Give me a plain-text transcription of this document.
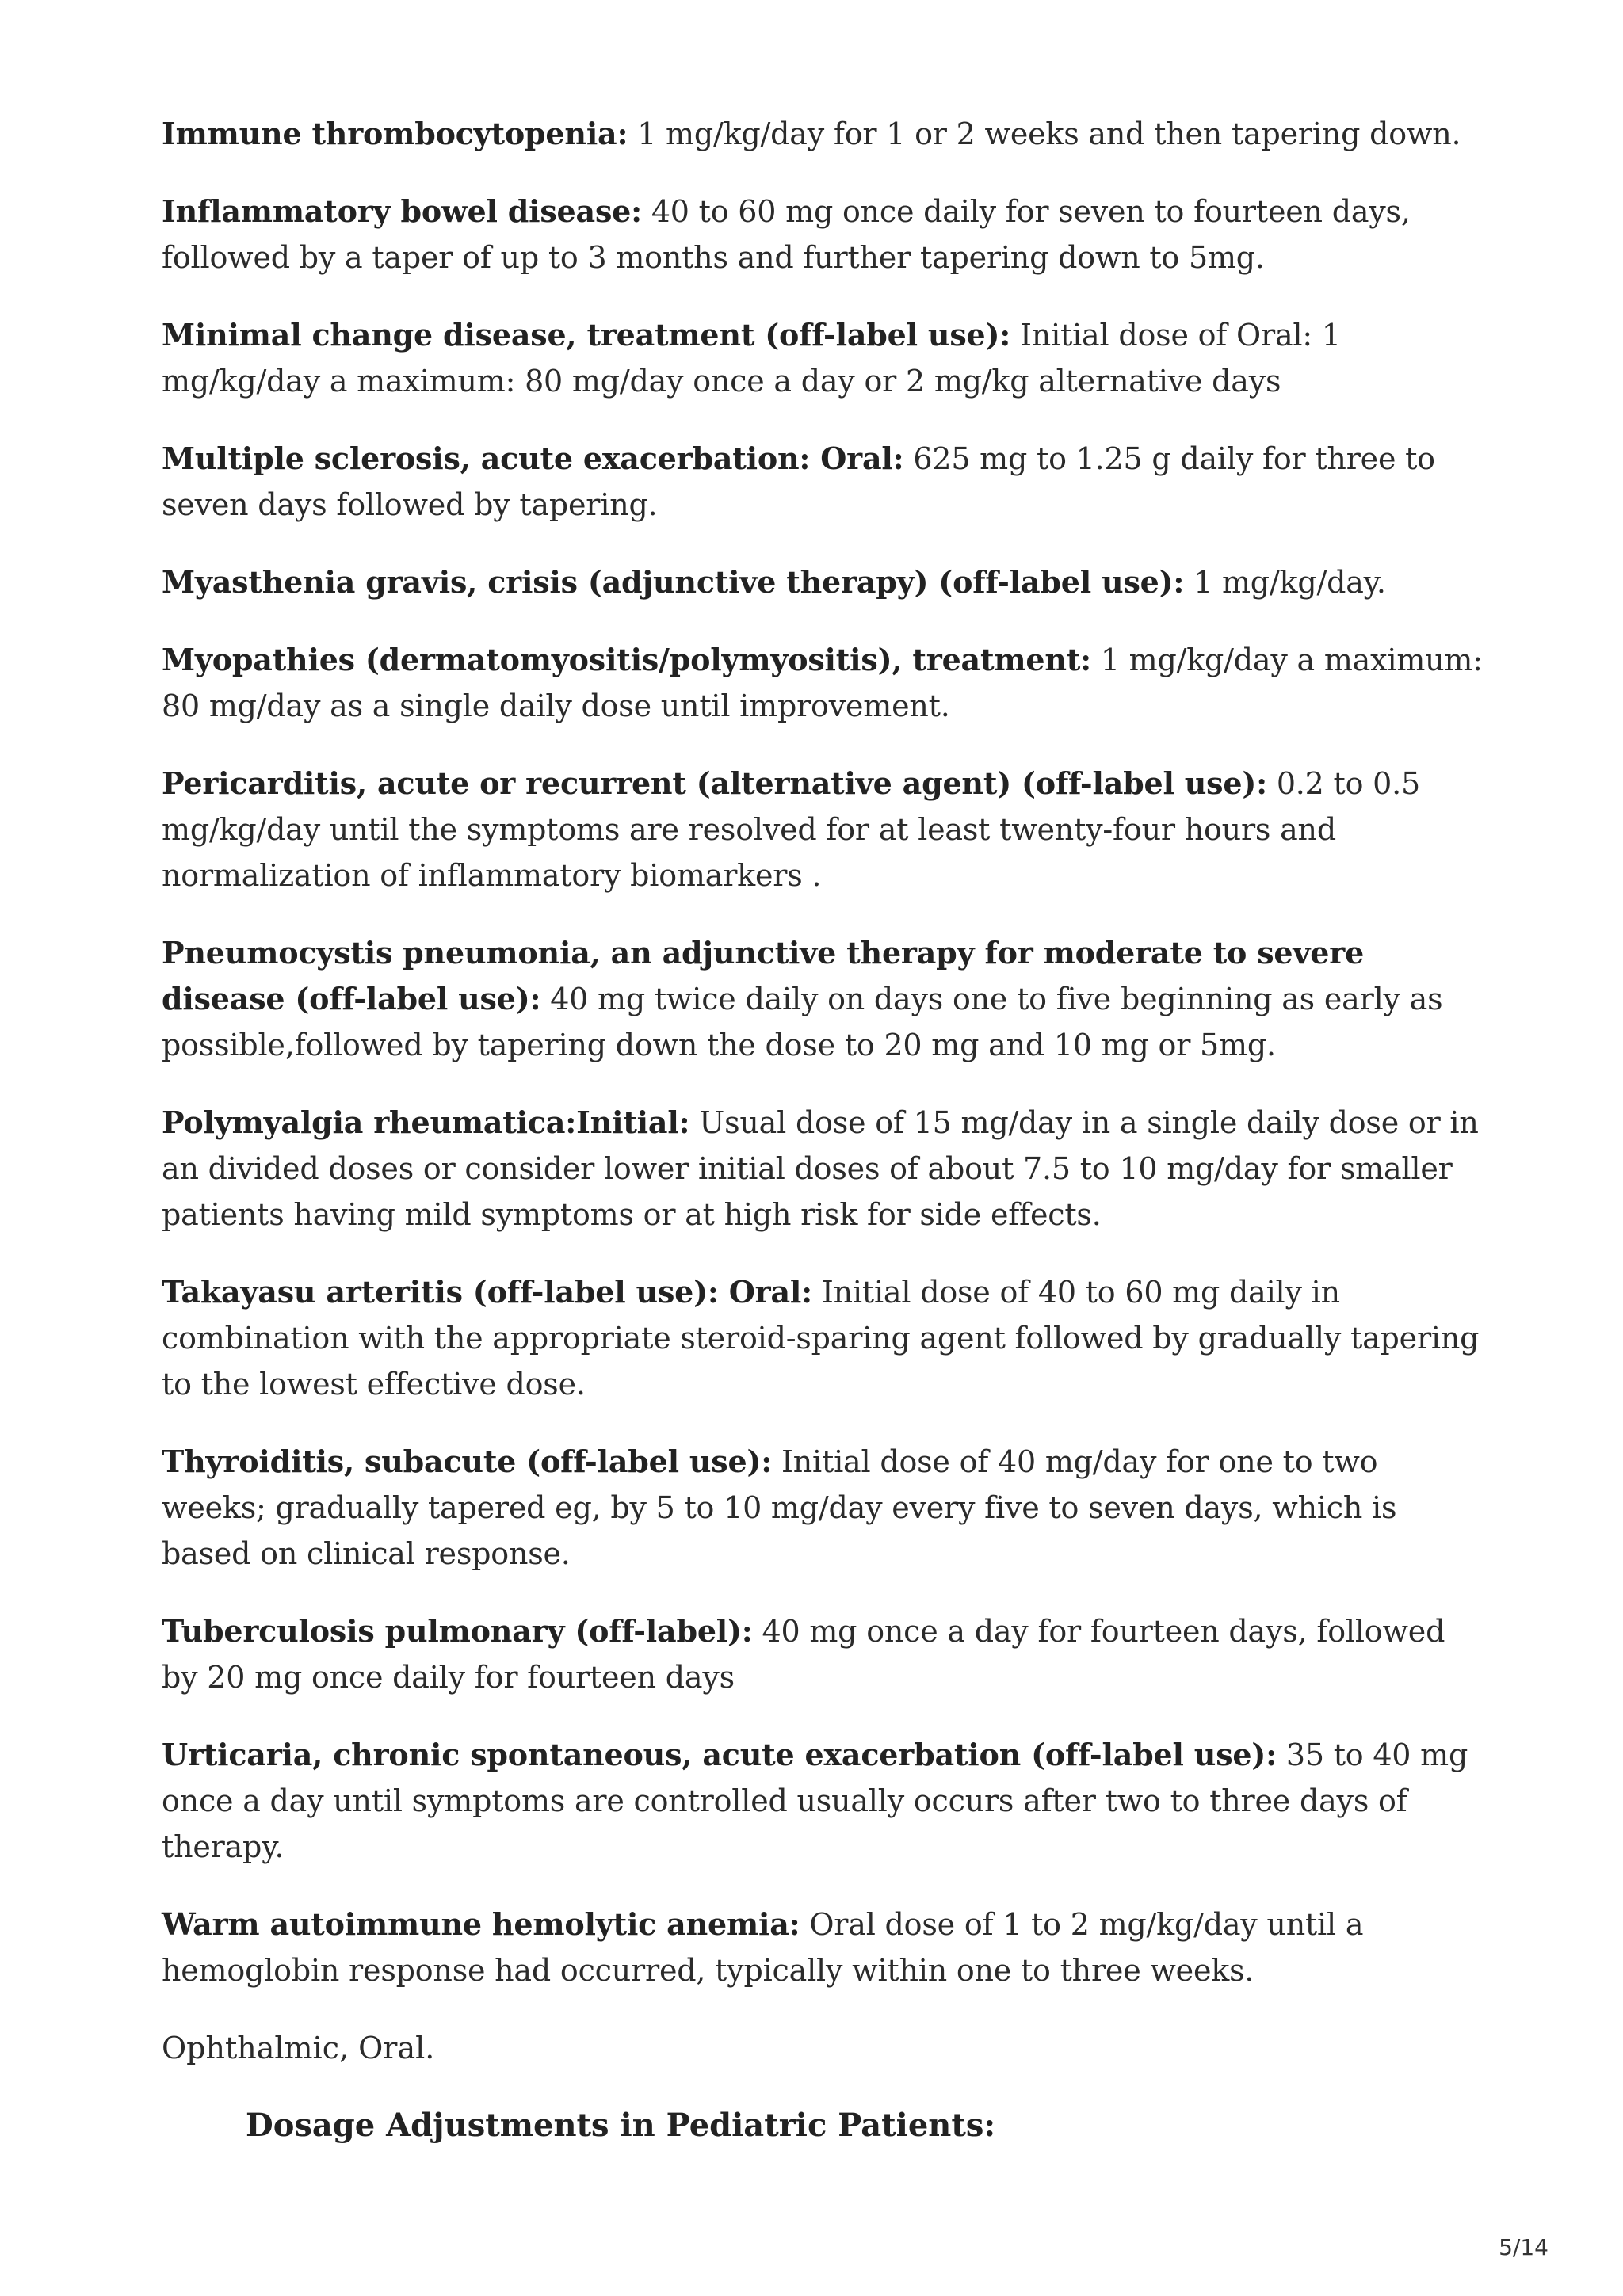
Immune thrombocytopenia: 1 mg/kg/day for 1 or 2 weeks and then tapering down.

Inflammatory bowel disease: 40 to 60 mg once daily for seven to fourteen days, followed by a taper of up to 3 months and further tapering down to 5mg.

Minimal change disease, treatment (off-label use): Initial dose of Oral: 1 mg/kg/day a maximum: 80 mg/day once a day or 2 mg/kg alternative days

Multiple sclerosis, acute exacerbation: Oral: 625 mg to 1.25 g daily for three to seven days followed by tapering.

Myasthenia gravis, crisis (adjunctive therapy) (off-label use): 1 mg/kg/day.

Myopathies (dermatomyositis/polymyositis), treatment: 1 mg/kg/day a maximum: 80 mg/day as a single daily dose until improvement.

Pericarditis, acute or recurrent (alternative agent) (off-label use): 0.2 to 0.5 mg/kg/day until the symptoms are resolved for at least twenty-four hours and normalization of inflammatory biomarkers .

Pneumocystis pneumonia, an adjunctive therapy for moderate to severe disease (off-label use): 40 mg twice daily on days one to five beginning as early as possible,followed by tapering down the dose to 20 mg and 10 mg or 5mg.

Polymyalgia rheumatica:Initial: Usual dose of 15 mg/day in a single daily dose or in an divided doses or consider lower initial doses of about 7.5 to 10 mg/day for smaller patients having mild symptoms or at high risk for side effects.

Takayasu arteritis (off-label use): Oral: Initial dose of 40 to 60 mg daily in combination with the appropriate steroid-sparing agent followed by gradually tapering to the lowest effective dose.

Thyroiditis, subacute (off-label use): Initial dose of 40 mg/day for one to two weeks; gradually tapered eg, by 5 to 10 mg/day every five to seven days, which is based on clinical response.

Tuberculosis pulmonary (off-label): 40 mg once a day for fourteen days, followed by 20 mg once daily for fourteen days

Urticaria, chronic spontaneous, acute exacerbation (off-label use): 35 to 40 mg once a day until symptoms are controlled usually occurs after two to three days of therapy.

Warm autoimmune hemolytic anemia: Oral dose of 1 to 2 mg/kg/day until a hemoglobin response had occurred, typically within one to three weeks.

Ophthalmic, Oral.

Dosage Adjustments in Pediatric Patients:
5/14
